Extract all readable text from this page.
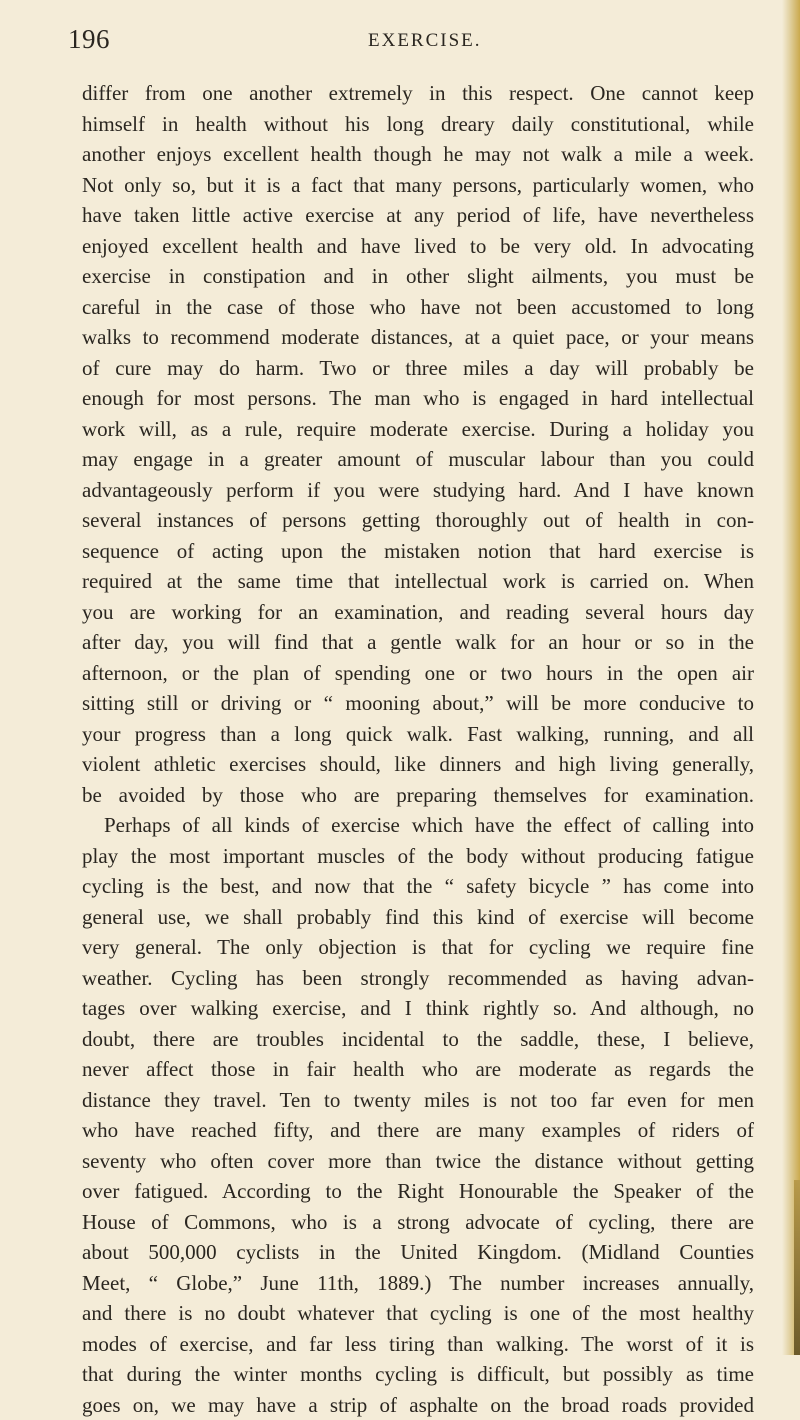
196	EXERCISE.
differ from one another extremely in this respect. One cannot keep
himself in health without his long dreary daily constitutional, while
another enjoys excellent health though he may not walk a mile a week.
Not only so, but it is a fact that many persons, particularly women, who
have taken little active exercise at any period of life, have nevertheless
enjoyed excellent health and have lived to be very old. In advocating
exercise in constipation and in other slight ailments, you must be
careful in the case of those who have not been accustomed to long
walks to recommend moderate distances, at a quiet pace, or your means
of cure may do harm. Two or three miles a day will probably be
enough for most persons. The man who is engaged in hard intellectual
work will, as a rule, require moderate exercise. During a holiday you
may engage in a greater amount of muscular labour than you could
advantageously perform if you were studying hard. And I have known
several instances of persons getting thoroughly out of health in con-
sequence of acting upon the mistaken notion that hard exercise is
required at the same time that intellectual work is carried on. When
you are working for an examination, and reading several hours day
after day, you will find that a gentle walk for an hour or so in the
afternoon, or the plan of spending one or two hours in the open air
sitting still or driving or “ mooning about,” will be more conducive to
your progress than a long quick walk. Fast walking, running, and all
violent athletic exercises should, like dinners and high living generally,
be avoided by those who are preparing themselves for examination.
Perhaps of all kinds of exercise which have the effect of calling into
play the most important muscles of the body without producing fatigue
cycling is the best, and now that the “ safety bicycle ” has come into
general use, we shall probably find this kind of exercise will become
very general. The only objection is that for cycling we require fine
weather. Cycling has been strongly recommended as having advan-
tages over walking exercise, and I think rightly so. And although, no
doubt, there are troubles incidental to the saddle, these, I believe,
never affect those in fair health who are moderate as regards the
distance they travel. Ten to twenty miles is not too far even for men
who have reached fifty, and there are many examples of riders of
seventy who often cover more than twice the distance without getting
over fatigued. According to the Right Honourable the Speaker of the
House of Commons, who is a strong advocate of cycling, there are
about 500,000 cyclists in the United Kingdom. (Midland Counties
Meet, “ Globe,” June 11th, 1889.) The number increases annually,
and there is no doubt whatever that cycling is one of the most healthy
modes of exercise, and far less tiring than walking. The worst of it is
that during the winter months cycling is difficult, but possibly as time
goes on, we may have a strip of asphalte on the broad roads provided
